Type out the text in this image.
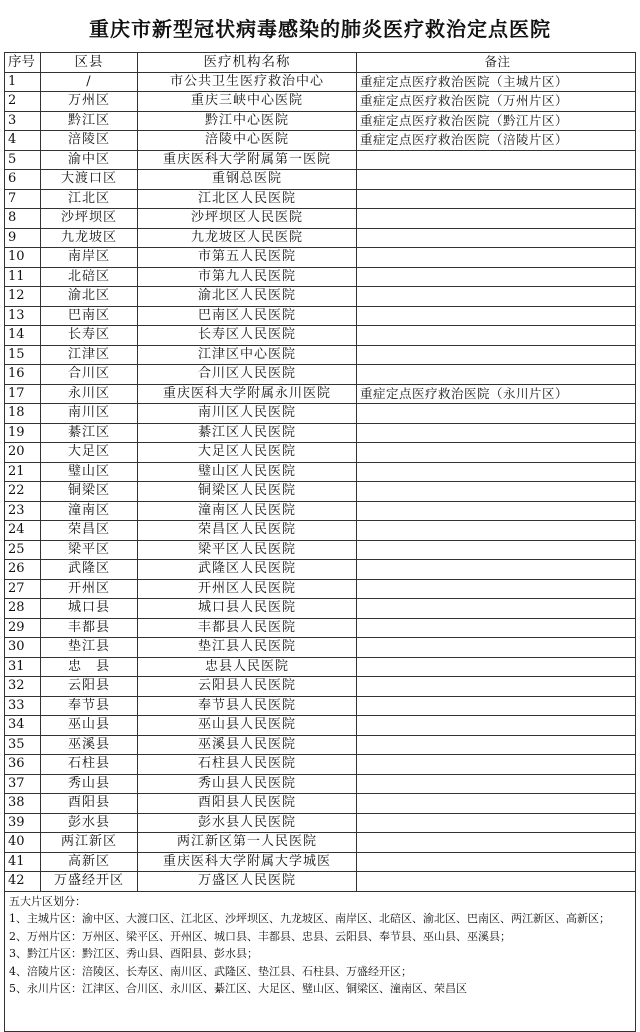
重庆市新型冠状病毒感染的肺炎医疗救治定点医院
序号	区县	医疗机构名称	备注
1	/	市公共卫生医疗救治中心	重症定点医疗救治医院（主城片区）
2	万州区	重庆三峡中心医院	重症定点医疗救治医院（万州片区）
3	黔江区	黔江中心医院	重症定点医疗救治医院（黔江片区）
4	涪陵区	涪陵中心医院	重症定点医疗救治医院（涪陵片区）
5	渝中区	重庆医科大学附属第一医院	
6	大渡口区	重钢总医院	
7	江北区	江北区人民医院	
8	沙坪坝区	沙坪坝区人民医院	
9	九龙坡区	九龙坡区人民医院	
10	南岸区	市第五人民医院	
11	北碚区	市第九人民医院	
12	渝北区	渝北区人民医院	
13	巴南区	巴南区人民医院	
14	长寿区	长寿区人民医院	
15	江津区	江津区中心医院	
16	合川区	合川区人民医院	
17	永川区	重庆医科大学附属永川医院	重症定点医疗救治医院（永川片区）
18	南川区	南川区人民医院	
19	綦江区	綦江区人民医院	
20	大足区	大足区人民医院	
21	璧山区	璧山区人民医院	
22	铜梁区	铜梁区人民医院	
23	潼南区	潼南区人民医院	
24	荣昌区	荣昌区人民医院	
25	梁平区	梁平区人民医院	
26	武隆区	武隆区人民医院	
27	开州区	开州区人民医院	
28	城口县	城口县人民医院	
29	丰都县	丰都县人民医院	
30	垫江县	垫江县人民医院	
31	忠　县	忠县人民医院	
32	云阳县	云阳县人民医院	
33	奉节县	奉节县人民医院	
34	巫山县	巫山县人民医院	
35	巫溪县	巫溪县人民医院	
36	石柱县	石柱县人民医院	
37	秀山县	秀山县人民医院	
38	酉阳县	酉阳县人民医院	
39	彭水县	彭水县人民医院	
40	两江新区	两江新区第一人民医院	
41	高新区	重庆医科大学附属大学城医	
42	万盛经开区	万盛区人民医院	
五大片区划分：
1、主城片区：渝中区、大渡口区、江北区、沙坪坝区、九龙坡区、南岸区、北碚区、渝北区、巴南区、两江新区、高新区；
2、万州片区：万州区、梁平区、开州区、城口县、丰都县、忠县、云阳县、奉节县、巫山县、巫溪县；
3、黔江片区：黔江区、秀山县、酉阳县、彭水县；
4、涪陵片区：涪陵区、长寿区、南川区、武隆区、垫江县、石柱县、万盛经开区；
5、永川片区：江津区、合川区、永川区、綦江区、大足区、璧山区、铜梁区、潼南区、荣昌区
